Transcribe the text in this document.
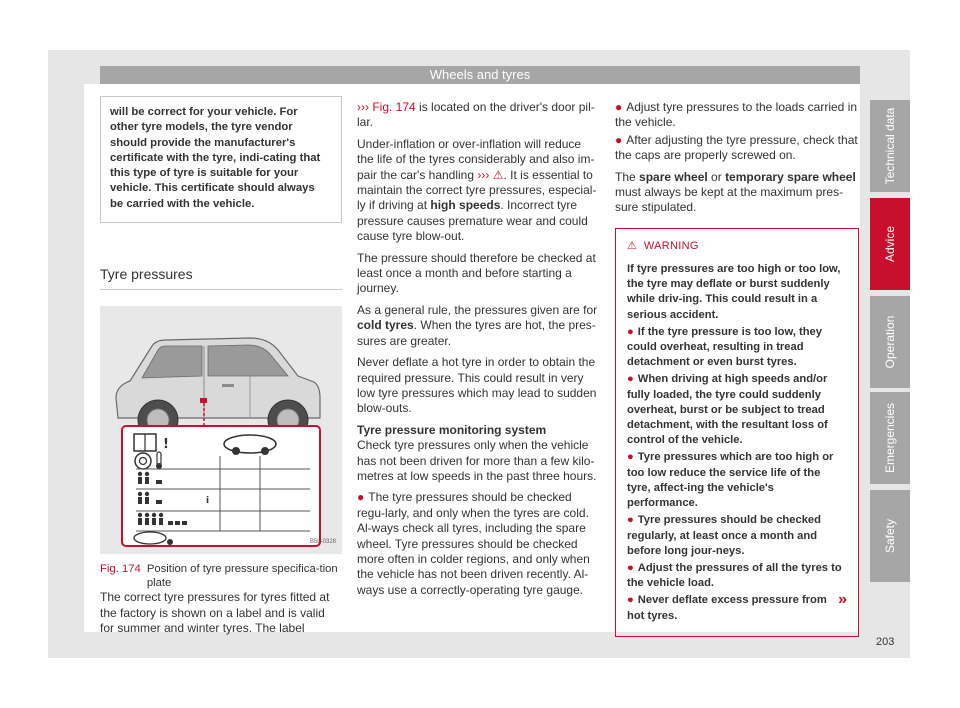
Wheels and tyres
will be correct for your vehicle. For other tyre models, the tyre vendor should provide the manufacturer's certificate with the tyre, indi-cating that this type of tyre is suitable for your vehicle. This certificate should always be carried with the vehicle.
Tyre pressures
!
i
B5L-0328
Fig. 174 Position of tyre pressure specifica-tion plate

The correct tyre pressures for tyres fitted at the factory is shown on a label and is valid for summer and winter tyres. The label

››› Fig. 174 is located on the driver's door pil-lar.

Under-inflation or over-inflation will reduce the life of the tyres considerably and also im-pair the car's handling ››› ⚠. It is essential to maintain the correct tyre pressures, especial-ly if driving at high speeds. Incorrect tyre pressure causes premature wear and could cause tyre blow-out.

The pressure should therefore be checked at least once a month and before starting a journey.

As a general rule, the pressures given are for cold tyres. When the tyres are hot, the pres-sures are greater.

Never deflate a hot tyre in order to obtain the required pressure. This could result in very low tyre pressures which may lead to sudden blow-outs.

Tyre pressure monitoring system

Check tyre pressures only when the vehicle has not been driven for more than a few kilo-metres at low speeds in the past three hours.

● The tyre pressures should be checked regu-larly, and only when the tyres are cold. Al-ways check all tyres, including the spare wheel. Tyre pressures should be checked more often in colder regions, and only when the vehicle has not been driven recently. Al-ways use a correctly-operating tyre gauge.

● Adjust tyre pressures to the loads carried in the vehicle.

● After adjusting the tyre pressure, check that the caps are properly screwed on.

The spare wheel or temporary spare wheel must always be kept at the maximum pres-sure stipulated.

⚠ WARNING

If tyre pressures are too high or too low, the tyre may deflate or burst suddenly while driv-ing. This could result in a serious accident.

● If the tyre pressure is too low, they could overheat, resulting in tread detachment or even burst tyres.

● When driving at high speeds and/or fully loaded, the tyre could suddenly overheat, burst or be subject to tread detachment, with the resultant loss of control of the vehicle.

● Tyre pressures which are too high or too low reduce the service life of the tyre, affect-ing the vehicle's performance.

● Tyre pressures should be checked regularly, at least once a month and before long jour-neys.

● Adjust the pressures of all the tyres to the vehicle load.

»
● Never deflate excess pressure from hot tyres.

Technical data
Advice
Operation
Emergencies
Safety
203
